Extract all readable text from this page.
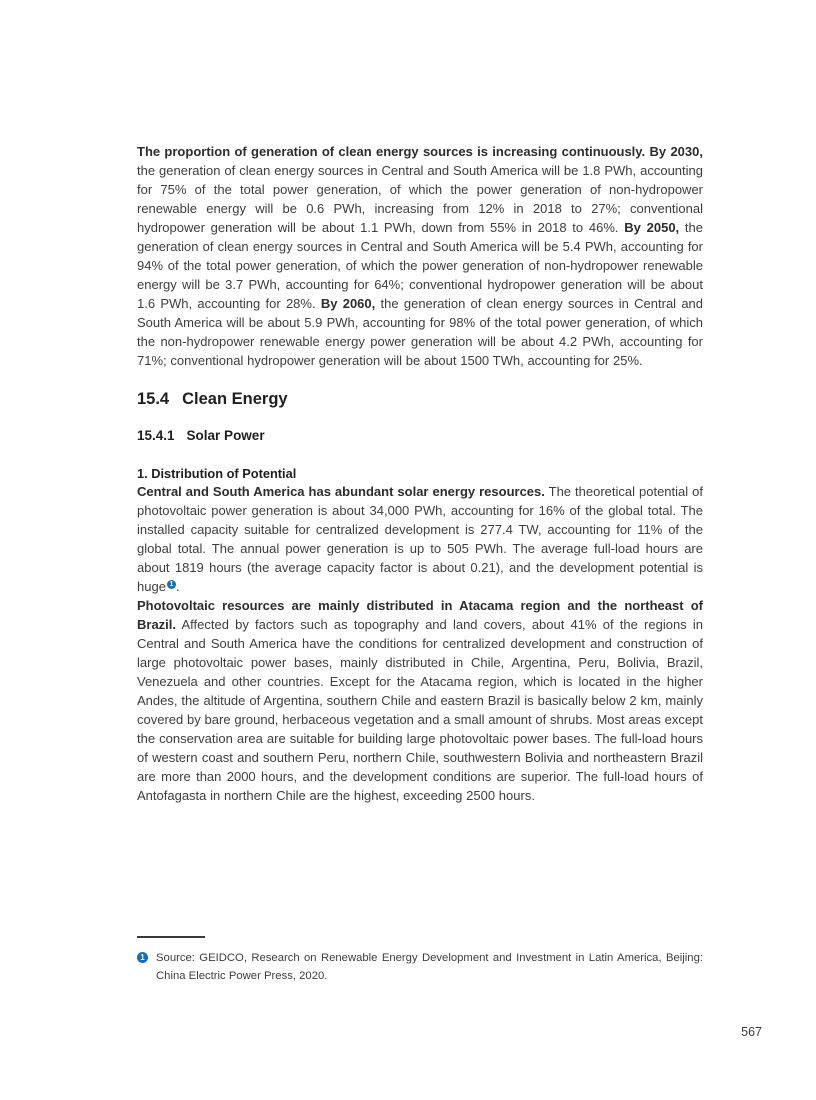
The proportion of generation of clean energy sources is increasing continuously. By 2030, the generation of clean energy sources in Central and South America will be 1.8 PWh, accounting for 75% of the total power generation, of which the power generation of non-hydropower renewable energy will be 0.6 PWh, increasing from 12% in 2018 to 27%; conventional hydropower generation will be about 1.1 PWh, down from 55% in 2018 to 46%. By 2050, the generation of clean energy sources in Central and South America will be 5.4 PWh, accounting for 94% of the total power generation, of which the power generation of non-hydropower renewable energy will be 3.7 PWh, accounting for 64%; conventional hydropower generation will be about 1.6 PWh, accounting for 28%. By 2060, the generation of clean energy sources in Central and South America will be about 5.9 PWh, accounting for 98% of the total power generation, of which the non-hydropower renewable energy power generation will be about 4.2 PWh, accounting for 71%; conventional hydropower generation will be about 1500 TWh, accounting for 25%.

15.4 Clean Energy
15.4.1 Solar Power
1. Distribution of Potential

Central and South America has abundant solar energy resources. The theoretical potential of photovoltaic power generation is about 34,000 PWh, accounting for 16% of the global total. The installed capacity suitable for centralized development is 277.4 TW, accounting for 11% of the global total. The annual power generation is up to 505 PWh. The average full-load hours are about 1819 hours (the average capacity factor is about 0.21), and the development potential is huge 1 .

Photovoltaic resources are mainly distributed in Atacama region and the northeast of Brazil. Affected by factors such as topography and land covers, about 41% of the regions in Central and South America have the conditions for centralized development and construction of large photovoltaic power bases, mainly distributed in Chile, Argentina, Peru, Bolivia, Brazil, Venezuela and other countries. Except for the Atacama region, which is located in the higher Andes, the altitude of Argentina, southern Chile and eastern Brazil is basically below 2 km, mainly covered by bare ground, herbaceous vegetation and a small amount of shrubs. Most areas except the conservation area are suitable for building large photovoltaic power bases. The full-load hours of western coast and southern Peru, northern Chile, southwestern Bolivia and northeastern Brazil are more than 2000 hours, and the development conditions are superior. The full-load hours of Antofagasta in northern Chile are the highest, exceeding 2500 hours.

1 Source: GEIDCO, Research on Renewable Energy Development and Investment in Latin America, Beijing: China Electric Power Press, 2020.
567
